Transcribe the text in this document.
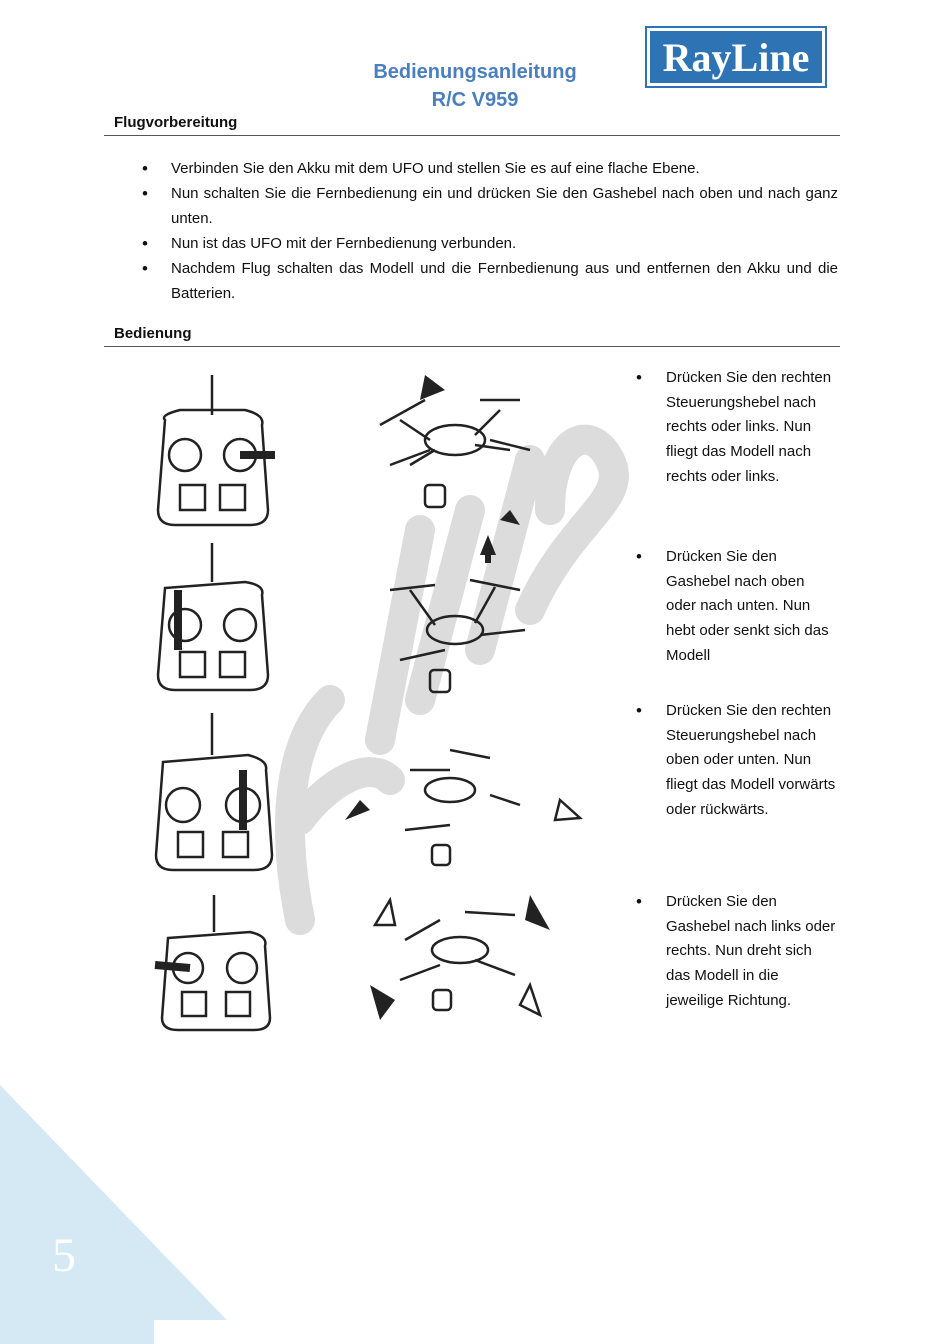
5
Bedienungsanleitung
R/C V959
RayLine
Flugvorbereitung
• Verbinden Sie den Akku mit dem UFO und stellen Sie es auf eine flache Ebene.
• Nun schalten Sie die Fernbedienung ein und drücken Sie den Gashebel nach oben und nach ganz unten.
• Nun ist das UFO mit der Fernbedienung verbunden.
• Nachdem Flug schalten das Modell und die Fernbedienung aus und entfernen den Akku und die Batterien.
Bedienung
• Drücken Sie den rechten Steuerungshebel nach rechts oder links. Nun fliegt das Modell nach rechts oder links.
• Drücken Sie den Gashebel nach oben oder nach unten. Nun hebt oder senkt sich das Modell
• Drücken Sie den rechten Steuerungshebel nach oben oder unten. Nun fliegt das Modell vorwärts oder rückwärts.
• Drücken Sie den Gashebel nach links oder rechts. Nun dreht sich das Modell in die jeweilige Richtung.
